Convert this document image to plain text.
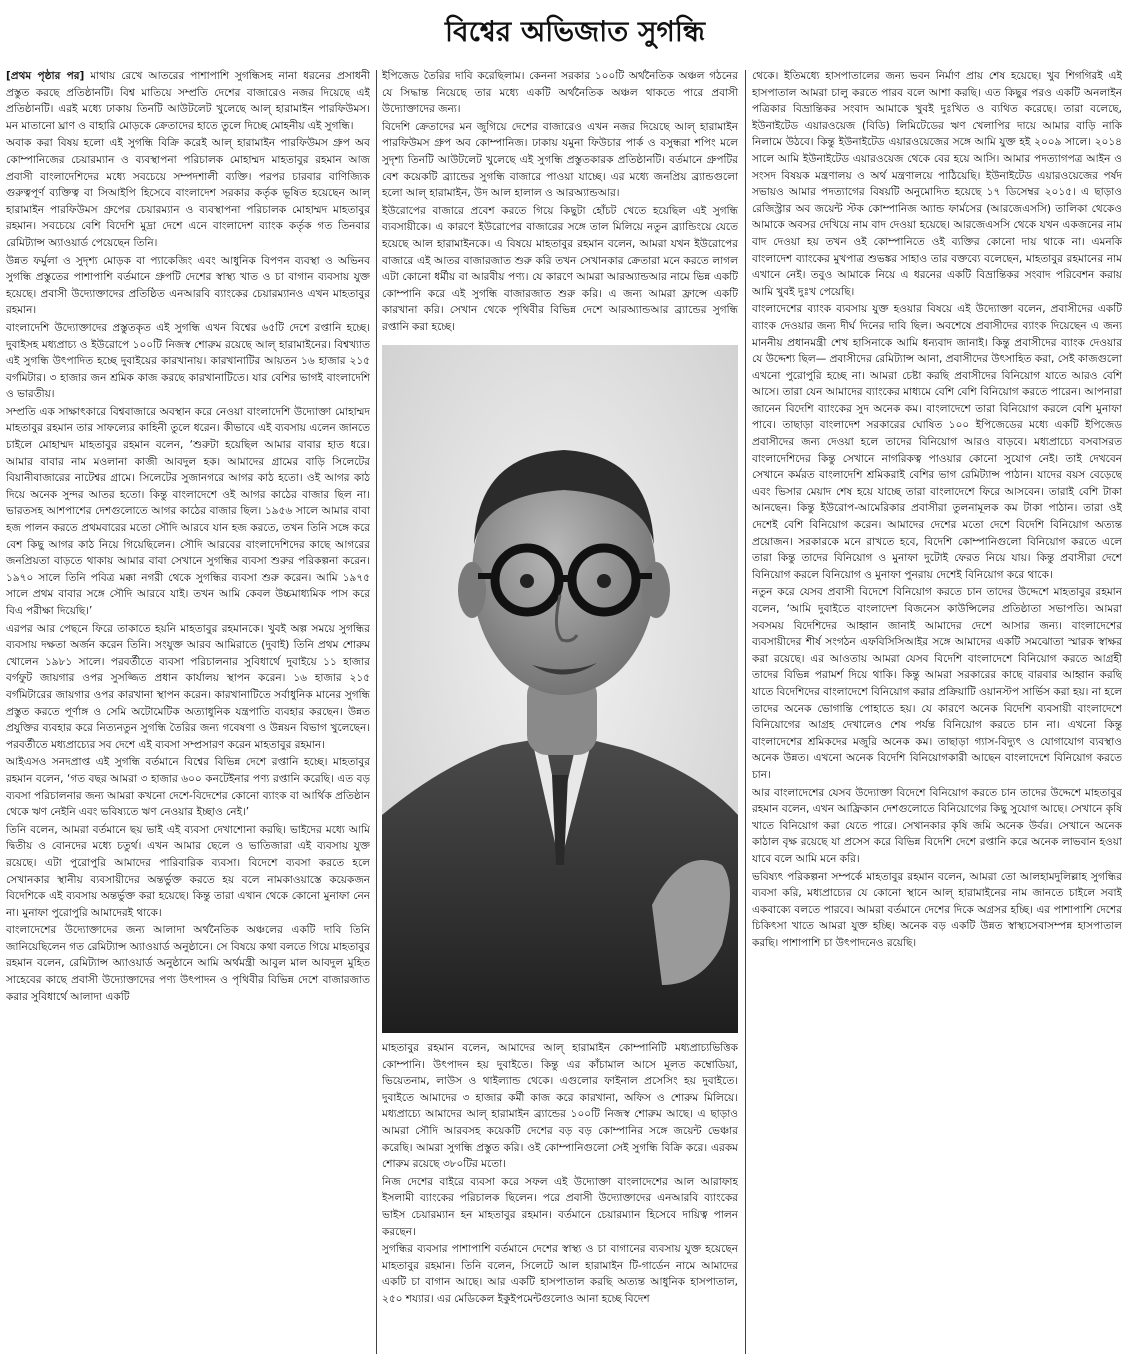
বিশ্বের অভিজাত সুগন্ধি

[প্রথম পৃষ্ঠার পর] মাথায় রেখে আতরের পাশাপাশি সুগন্ধিসহ নানা ধরনের প্রসাধনী প্রস্তুত করছে প্রতিষ্ঠানটি। বিশ্ব মাতিয়ে সম্প্রতি দেশের বাজারেও নজর দিয়েছে এই প্রতিষ্ঠানটি। এরই মধ্যে ঢাকায় তিনটি আউটলেট খুলেছে আল্‌ হারামাইন পারফিউমস। মন মাতানো ঘ্রাণ ও বাহারি মোড়কে ক্রেতাদের হাতে তুলে দিচ্ছে মোহনীয় এই সুগন্ধি।

অবাক করা বিষয় হলো এই সুগন্ধি বিক্রি করেই আল্‌ হারামাইন পারফিউমস গ্রুপ অব কোম্পানিজের চেয়ারম্যান ও ব্যবস্থাপনা পরিচালক মোহাম্মদ মাহতাবুর রহমান আজ প্রবাসী বাংলাদেশিদের মধ্যে সবচেয়ে সম্পদশালী ব্যক্তি। পরপর চারবার বাণিজ্যিক গুরুত্বপূর্ণ ব্যক্তিত্ব বা সিআইপি হিসেবে বাংলাদেশ সরকার কর্তৃক ভূষিত হয়েছেন আল্‌ হারামাইন পারফিউমস গ্রুপের চেয়ারম্যান ও ব্যবস্থাপনা পরিচালক মোহাম্মদ মাহতাবুর রহমান। সবচেয়ে বেশি বিদেশি মুদ্রা দেশে এনে বাংলাদেশ ব্যাংক কর্তৃক গত তিনবার রেমিট্যান্স অ্যাওয়ার্ড পেয়েছেন তিনি।

উন্নত ফর্মুলা ও সুদৃশ্য মোড়ক বা প্যাকেজিং এবং আধুনিক বিপণন ব্যবস্থা ও অভিনব সুগন্ধি প্রস্তুতের পাশাপাশি বর্তমানে গ্রুপটি দেশের স্বাস্থ্য খাত ও চা বাগান ব্যবসায় যুক্ত হয়েছে। প্রবাসী উদ্যোক্তাদের প্রতিষ্ঠিত এনআরবি ব্যাংকের চেয়ারম্যানও এখন মাহতাবুর রহমান।

বাংলাদেশি উদ্যোক্তাদের প্রস্তুতকৃত এই সুগন্ধি এখন বিশ্বের ৬৫টি দেশে রপ্তানি হচ্ছে। দুবাইসহ মধ্যপ্রাচ্য ও ইউরোপে ১০০টি নিজস্ব শোরুম রয়েছে আল্‌ হারামাইনের। বিশ্বখ্যাত এই সুগন্ধি উৎপাদিত হচ্ছে দুবাইয়ের কারখানায়। কারখানাটির আয়তন ১৬ হাজার ২১৫ বর্গমিটার। ৩ হাজার জন শ্রমিক কাজ করছে কারখানাটিতে। যার বেশির ভাগই বাংলাদেশি ও ভারতীয়।

সম্প্রতি এক সাক্ষাৎকারে বিশ্ববাজারে অবস্থান করে নেওয়া বাংলাদেশি উদ্যোক্তা মোহাম্মদ মাহতাবুর রহমান তার সাফল্যের কাহিনী তুলে ধরেন। কীভাবে এই ব্যবসায় এলেন জানতে চাইলে মোহাম্মদ মাহতাবুর রহমান বলেন, ‘শুরুটা হয়েছিল আমার বাবার হাত ধরে। আমার বাবার নাম মওলানা কাজী আবদুল হক। আমাদের গ্রামের বাড়ি সিলেটের বিয়ানীবাজারের নাটেশ্বর গ্রামে। সিলেটের সুজানগরে আগর কাঠ হতো। ওই আগর কাঠ দিয়ে অনেক সুন্দর আতর হতো। কিন্তু বাংলাদেশে ওই আগর কাঠের বাজার ছিল না। ভারতসহ আশপাশের দেশগুলোতে আগর কাঠের বাজার ছিল। ১৯৫৬ সালে আমার বাবা হজ পালন করতে প্রথমবারের মতো সৌদি আরবে যান হজ করতে, তখন তিনি সঙ্গে করে বেশ কিছু আগর কাঠ নিয়ে গিয়েছিলেন। সৌদি আরবের বাংলাদেশিদের কাছে আগরের জনপ্রিয়তা বাড়তে থাকায় আমার বাবা সেখানে সুগন্ধির ব্যবসা শুরুর পরিকল্পনা করেন। ১৯৭০ সালে তিনি পবিত্র মক্কা নগরী থেকে সুগন্ধির ব্যবসা শুরু করেন। আমি ১৯৭৫ সালে প্রথম বাবার সঙ্গে সৌদি আরবে যাই। তখন আমি কেবল উচ্চমাধ্যমিক পাস করে বিএ পরীক্ষা দিয়েছি।’

এরপর আর পেছনে ফিরে তাকাতে হয়নি মাহতাবুর রহমানকে। খুবই অল্প সময়ে সুগন্ধির ব্যবসায় দক্ষতা অর্জন করেন তিনি। সংযুক্ত আরব আমিরাতে (দুবাই) তিনি প্রথম শোরুম খোলেন ১৯৮১ সালে। পরবর্তীতে ব্যবসা পরিচালনার সুবিধার্থে দুবাইয়ে ১১ হাজার বর্গফুট জায়গার ওপর সুসজ্জিত প্রধান কার্যালয় স্থাপন করেন। ১৬ হাজার ২১৫ বর্গমিটারের জায়গার ওপর কারখানা স্থাপন করেন। কারখানাটিতে সর্বাধুনিক মানের সুগন্ধি প্রস্তুত করতে পূর্ণাঙ্গ ও সেমি অটোমেটিক অত্যাধুনিক যন্ত্রপাতি ব্যবহার করছেন। উন্নত প্রযুক্তির ব্যবহার করে নিত্যনতুন সুগন্ধি তৈরির জন্য গবেষণা ও উন্নয়ন বিভাগ খুলেছেন। পরবর্তীতে মধ্যপ্রাচ্যের সব দেশে এই ব্যবসা সম্প্রসারণ করেন মাহতাবুর রহমান।

আইএসও সনদপ্রাপ্ত এই সুগন্ধি বর্তমানে বিশ্বের বিভিন্ন দেশে রপ্তানি হচ্ছে। মাহতাবুর রহমান বলেন, ‘গত বছর আমরা ৩ হাজার ৬০০ কনটেইনার পণ্য রপ্তানি করেছি। এত বড় ব্যবসা পরিচালনার জন্য আমরা কখনো দেশে-বিদেশের কোনো ব্যাংক বা আর্থিক প্রতিষ্ঠান থেকে ঋণ নেইনি এবং ভবিষ্যতে ঋণ নেওয়ার ইচ্ছাও নেই।’

তিনি বলেন, আমরা বর্তমানে ছয় ভাই এই ব্যবসা দেখাশোনা করছি। ভাইদের মধ্যে আমি দ্বিতীয় ও বোনদের মধ্যে চতুর্থ। এখন আমার ছেলে ও ভাতিজারা এই ব্যবসায় যুক্ত রয়েছে। এটা পুরোপুরি আমাদের পারিবারিক ব্যবসা। বিদেশে ব্যবসা করতে হলে সেখানকার স্থানীয় ব্যবসায়ীদের অন্তর্ভুক্ত করতে হয় বলে নামকাওয়াস্তে কয়েকজন বিদেশিকে এই ব্যবসায় অন্তর্ভুক্ত করা হয়েছে। কিন্তু তারা এখান থেকে কোনো মুনাফা নেন না। মুনাফা পুরোপুরি আমাদেরই থাকে।

বাংলাদেশের উদ্যোক্তাদের জন্য আলাদা অর্থনৈতিক অঞ্চলের একটি দাবি তিনি জানিয়েছিলেন গত রেমিট্যান্স অ্যাওয়ার্ড অনুষ্ঠানে। সে বিষয়ে কথা বলতে গিয়ে মাহতাবুর রহমান বলেন, রেমিট্যান্স অ্যাওয়ার্ড অনুষ্ঠানে আমি অর্থমন্ত্রী আবুল মাল আবদুল মুহিত সাহেবের কাছে প্রবাসী উদ্যোক্তাদের পণ্য উৎপাদন ও পৃথিবীর বিভিন্ন দেশে বাজারজাত করার সুবিধার্থে আলাদা একটি

ইপিজেড তৈরির দাবি করেছিলাম। কেননা সরকার ১০০টি অর্থনৈতিক অঞ্চল গঠনের যে সিদ্ধান্ত নিয়েছে তার মধ্যে একটি অর্থনৈতিক অঞ্চল থাকতে পারে প্রবাসী উদ্যোক্তাদের জন্য।

বিদেশি ক্রেতাদের মন জুগিয়ে দেশের বাজারেও এখন নজর দিয়েছে আল্‌ হারামাইন পারফিউমস গ্রুপ অব কোম্পানিজ। ঢাকায় যমুনা ফিউচার পার্ক ও বসুন্ধরা শপিং মলে সুদৃশ্য তিনটি আউটলেট খুলেছে এই সুগন্ধি প্রস্তুতকারক প্রতিষ্ঠানটি। বর্তমানে গ্রুপটির বেশ কয়েকটি ব্র্যান্ডের সুগন্ধি বাজারে পাওয়া যাচ্ছে। এর মধ্যে জনপ্রিয় ব্র্যান্ডগুলো হলো আল্‌ হারামাইন, উদ আল হালাল ও আরঅ্যান্ডআর।

ইউরোপের বাজারে প্রবেশ করতে গিয়ে কিছুটা হোঁচট খেতে হয়েছিল এই সুগন্ধি ব্যবসায়ীকে। এ কারণে ইউরোপের বাজারের সঙ্গে তাল মিলিয়ে নতুন ব্র্যান্ডিংয়ে যেতে হয়েছে আল হারামাইনকে। এ বিষয়ে মাহতাবুর রহমান বলেন, আমরা যখন ইউরোপের বাজারে এই আতর বাজারজাত শুরু করি তখন সেখানকার ক্রেতারা মনে করতে লাগল এটা কোনো ধর্মীয় বা আরবীয় পণ্য। যে কারণে আমরা আরঅ্যান্ডআর নামে ভিন্ন একটি কোম্পানি করে এই সুগন্ধি বাজারজাত শুরু করি। এ জন্য আমরা ফ্রান্সে একটি কারখানা করি। সেখান থেকে পৃথিবীর বিভিন্ন দেশে আরঅ্যান্ডআর ব্র্যান্ডের সুগন্ধি রপ্তানি করা হচ্ছে।

মাহতাবুর রহমান বলেন, আমাদের আল্‌ হারামাইন কোম্পানিটি মধ্যপ্রাচ্যভিত্তিক কোম্পানি। উৎপাদন হয় দুবাইতে। কিন্তু এর কাঁচামাল আসে মূলত কম্বোডিয়া, ভিয়েতনাম, লাউস ও থাইল্যান্ড থেকে। এগুলোর ফাইনাল প্রসেসিং হয় দুবাইতে। দুবাইতে আমাদের ৩ হাজার কর্মী কাজ করে কারখানা, অফিস ও শোরুম মিলিয়ে। মধ্যপ্রাচ্যে আমাদের আল্‌ হারামাইন ব্র্যান্ডের ১০০টি নিজস্ব শোরুম আছে। এ ছাড়াও আমরা সৌদি আরবসহ কয়েকটি দেশের বড় বড় কোম্পানির সঙ্গে জয়েন্ট ভেঞ্চার করেছি। আমরা সুগন্ধি প্রস্তুত করি। ওই কোম্পানিগুলো সেই সুগন্ধি বিক্রি করে। এরকম শোরুম রয়েছে ৩৮০টির মতো।

নিজ দেশের বাইরে ব্যবসা করে সফল এই উদ্যোক্তা বাংলাদেশের আল আরাফাহ ইসলামী ব্যাংকের পরিচালক ছিলেন। পরে প্রবাসী উদ্যোক্তাদের এনআরবি ব্যাংকের ভাইস চেয়ারম্যান হন মাহতাবুর রহমান। বর্তমানে চেয়ারম্যান হিসেবে দায়িত্ব পালন করছেন।

সুগন্ধির ব্যবসার পাশাপাশি বর্তমানে দেশের স্বাস্থ্য ও চা বাগানের ব্যবসায় যুক্ত হয়েছেন মাহতাবুর রহমান। তিনি বলেন, সিলেটে আল হারামাইন টি-গার্ডেন নামে আমাদের একটি চা বাগান আছে। আর একটি হাসপাতাল করছি অত্যন্ত আধুনিক হাসপাতাল, ২৫০ শয্যার। এর মেডিকেল ইকুইপমেন্টগুলোও আনা হচ্ছে বিদেশ

থেকে। ইতিমধ্যে হাসপাতালের জন্য ভবন নির্মাণ প্রায় শেষ হয়েছে। খুব শিগগিরই এই হাসপাতাল আমরা চালু করতে পারব বলে আশা করছি। এত কিছুর পরও একটি অনলাইন পত্রিকার বিভ্রান্তিকর সংবাদ আমাকে খুবই দুঃখিত ও ব্যথিত করেছে। তারা বলেছে, ইউনাইটেড এয়ারওয়েজ (বিডি) লিমিটেডের ঋণ খেলাপির দায়ে আমার বাড়ি নাকি নিলামে উঠবে। কিন্তু ইউনাইটেড এয়ারওয়েজের সঙ্গে আমি যুক্ত হই ২০০৯ সালে। ২০১৪ সালে আমি ইউনাইটেড এয়ারওয়েজ থেকে বের হয়ে আসি। আমার পদত্যাগপত্র আইন ও সংসদ বিষয়ক মন্ত্রণালয় ও অর্থ মন্ত্রণালয়ে পাঠিয়েছি। ইউনাইটেড এয়ারওয়েজের পর্ষদ সভায়ও আমার পদত্যাগের বিষয়টি অনুমোদিত হয়েছে ১৭ ডিসেম্বর ২০১৫। এ ছাড়াও রেজিস্ট্রার অব জয়েন্ট স্টক কোম্পানিজ অ্যান্ড ফার্মসের (আরজেএসসি) তালিকা থেকেও আমাকে অবসর দেখিয়ে নাম বাদ দেওয়া হয়েছে। আরজেএসসি থেকে যখন একজনের নাম বাদ দেওয়া হয় তখন ওই কোম্পানিতে ওই ব্যক্তির কোনো দায় থাকে না। এমনকি বাংলাদেশ ব্যাংকের মুখপাত্র শুভঙ্কর সাহাও তার বক্তব্যে বলেছেন, মাহতাবুর রহমানের নাম এখানে নেই। তবুও আমাকে নিয়ে এ ধরনের একটি বিভ্রান্তিকর সংবাদ পরিবেশন করায় আমি খুবই দুঃখ পেয়েছি।

বাংলাদেশের ব্যাংক ব্যবসায় যুক্ত হওয়ার বিষয়ে এই উদ্যোক্তা বলেন, প্রবাসীদের একটি ব্যাংক দেওয়ার জন্য দীর্ঘ দিনের দাবি ছিল। অবশেষে প্রবাসীদের ব্যাংক দিয়েছেন এ জন্য মাননীয় প্রধানমন্ত্রী শেখ হাসিনাকে আমি ধন্যবাদ জানাই। কিন্তু প্রবাসীদের ব্যাংক দেওয়ার যে উদ্দেশ্য ছিল— প্রবাসীদের রেমিট্যান্স আনা, প্রবাসীদের উৎসাহিত করা, সেই কাজগুলো এখনো পুরোপুরি হচ্ছে না। আমরা চেষ্টা করছি প্রবাসীদের বিনিয়োগ যাতে আরও বেশি আসে। তারা যেন আমাদের ব্যাংকের মাধ্যমে বেশি বেশি বিনিয়োগ করতে পারেন। আপনারা জানেন বিদেশি ব্যাংকের সুদ অনেক কম। বাংলাদেশে তারা বিনিয়োগ করলে বেশি মুনাফা পাবে। তাছাড়া বাংলাদেশ সরকারের ঘোষিত ১০০ ইপিজেডের মধ্যে একটি ইপিজেড প্রবাসীদের জন্য দেওয়া হলে তাদের বিনিয়োগ আরও বাড়বে। মধ্যপ্রাচ্যে বসবাসরত বাংলাদেশিদের কিন্তু সেখানে নাগরিকত্ব পাওয়ার কোনো সুযোগ নেই। তাই দেখবেন সেখানে কর্মরত বাংলাদেশি শ্রমিকরাই বেশির ভাগ রেমিট্যান্স পাঠান। যাদের বয়স বেড়েছে এবং ভিসার মেয়াদ শেষ হয়ে যাচ্ছে তারা বাংলাদেশে ফিরে আসবেন। তারাই বেশি টাকা আনছেন। কিন্তু ইউরোপ-আমেরিকার প্রবাসীরা তুলনামূলক কম টাকা পাঠান। তারা ওই দেশেই বেশি বিনিয়োগ করেন। আমাদের দেশের মতো দেশে বিদেশি বিনিয়োগ অত্যন্ত প্রয়োজন। সরকারকে মনে রাখতে হবে, বিদেশি কোম্পানিগুলো বিনিয়োগ করতে এলে তারা কিন্তু তাদের বিনিয়োগ ও মুনাফা দুটোই ফেরত নিয়ে যায়। কিন্তু প্রবাসীরা দেশে বিনিয়োগ করলে বিনিয়োগ ও মুনাফা পুনরায় দেশেই বিনিয়োগ করে থাকে।

নতুন করে যেসব প্রবাসী বিদেশে বিনিয়োগ করতে চান তাদের উদ্দেশে মাহতাবুর রহমান বলেন, ‘আমি দুবাইতে বাংলাদেশ বিজনেস কাউন্সিলের প্রতিষ্ঠাতা সভাপতি। আমরা সবসময় বিদেশিদের আহ্বান জানাই আমাদের দেশে আসার জন্য। বাংলাদেশের ব্যবসায়ীদের শীর্ষ সংগঠন এফবিসিসিআইর সঙ্গে আমাদের একটি সমঝোতা স্মারক স্বাক্ষর করা রয়েছে। এর আওতায় আমরা যেসব বিদেশি বাংলাদেশে বিনিয়োগ করতে আগ্রহী তাদের বিভিন্ন পরামর্শ দিয়ে থাকি। কিন্তু আমরা সরকারের কাছে বারবার আহ্বান করছি যাতে বিদেশিদের বাংলাদেশে বিনিয়োগ করার প্রক্রিয়াটি ওয়ানস্টপ সার্ভিস করা হয়। না হলে তাদের অনেক ভোগান্তি পোহাতে হয়। যে কারণে অনেক বিদেশি ব্যবসায়ী বাংলাদেশে বিনিয়োগের আগ্রহ দেখালেও শেষ পর্যন্ত বিনিয়োগ করতে চান না। এখনো কিন্তু বাংলাদেশের শ্রমিকদের মজুরি অনেক কম। তাছাড়া গ্যাস-বিদ্যুৎ ও যোগাযোগ ব্যবস্থাও অনেক উন্নত। এখনো অনেক বিদেশি বিনিয়োগকারী আছেন বাংলাদেশে বিনিয়োগ করতে চান।

আর বাংলাদেশের যেসব উদ্যোক্তা বিদেশে বিনিয়োগ করতে চান তাদের উদ্দেশে মাহতাবুর রহমান বলেন, এখন আফ্রিকান দেশগুলোতে বিনিয়োগের কিছু সুযোগ আছে। সেখানে কৃষি খাতে বিনিয়োগ করা যেতে পারে। সেখানকার কৃষি জমি অনেক উর্বর। সেখানে অনেক কাঠাল বৃক্ষ রয়েছে যা প্রসেস করে বিভিন্ন বিদেশি দেশে রপ্তানি করে অনেক লাভবান হওয়া যাবে বলে আমি মনে করি।

ভবিষ্যৎ পরিকল্পনা সম্পর্কে মাহতাবুর রহমান বলেন, আমরা তো আলহামদুলিল্লাহ সুগন্ধির ব্যবসা করি, মধ্যপ্রাচ্যের যে কোনো স্থানে আল্‌ হারামাইনের নাম জানতে চাইলে সবাই একবাক্যে বলতে পারবে। আমরা বর্তমানে দেশের দিকে অগ্রসর হচ্ছি। এর পাশাপাশি দেশের চিকিৎসা খাতে আমরা যুক্ত হচ্ছি। অনেক বড় একটি উন্নত স্বাস্থ্যসেবাসম্পন্ন হাসপাতাল করছি। পাশাপাশি চা উৎপাদনেও রয়েছি।
